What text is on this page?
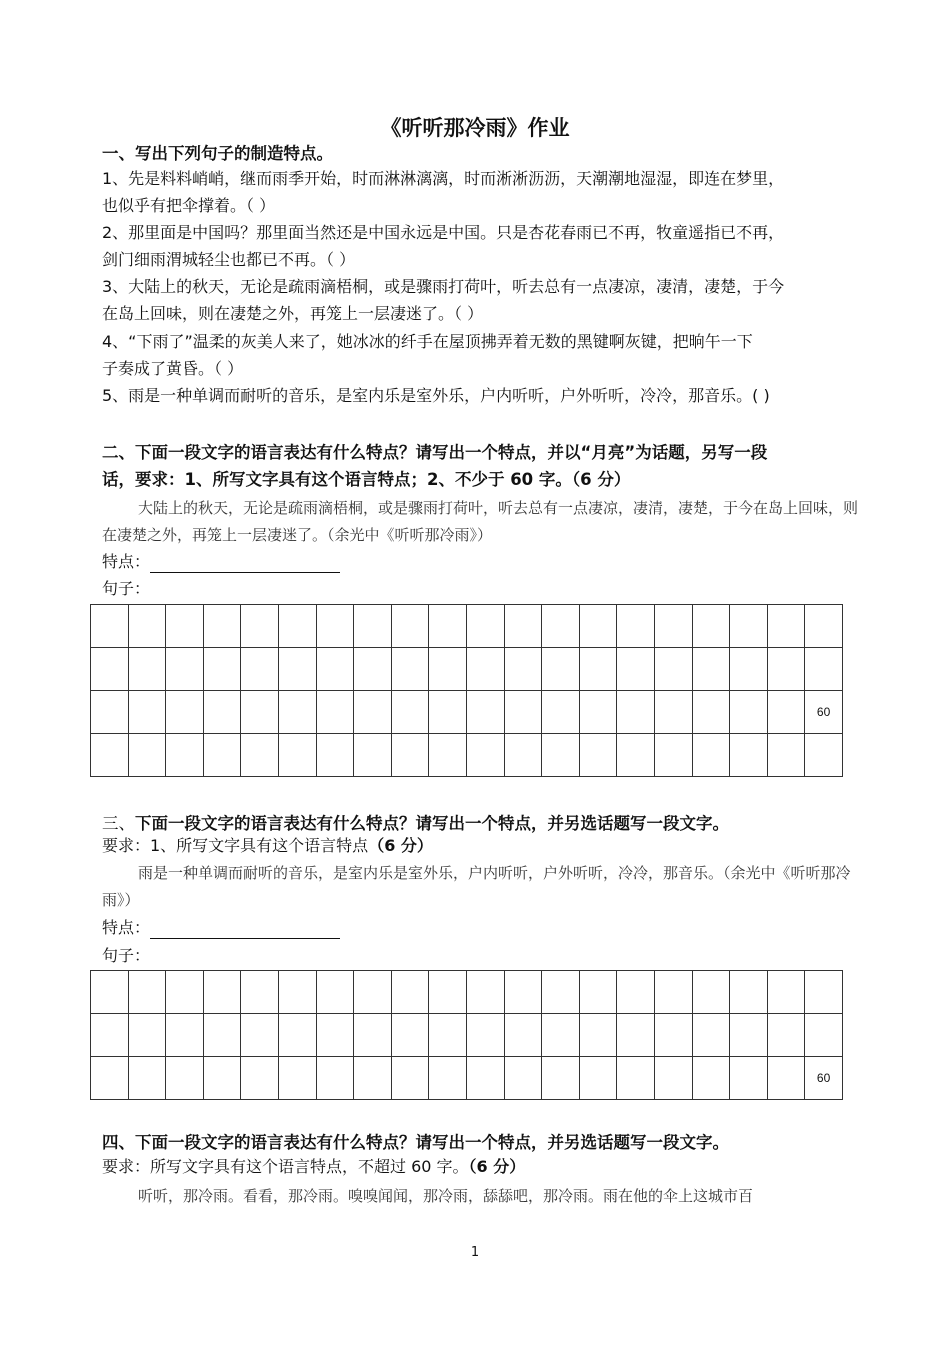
《听听那冷雨》作业
一、写出下列句子的制造特点。
1、先是料料峭峭，继而雨季开始，时而淋淋漓漓，时而淅淅沥沥，天潮潮地湿湿，即连在梦里，
也似乎有把伞撑着。（ ）
2、那里面是中国吗？那里面当然还是中国永远是中国。只是杏花春雨已不再，牧童遥指已不再，
剑门细雨渭城轻尘也都已不再。（ ）
3、大陆上的秋天，无论是疏雨滴梧桐，或是骤雨打荷叶，听去总有一点凄凉，凄清，凄楚，于今
在岛上回味，则在凄楚之外，再笼上一层凄迷了。（ ）
4、“下雨了”温柔的灰美人来了，她冰冰的纤手在屋顶拂弄着无数的黑键啊灰键，把晌午一下
子奏成了黄昏。（ ）
5、雨是一种单调而耐听的音乐，是室内乐是室外乐，户内听听，户外听听，冷冷，那音乐。( )
二、下面一段文字的语言表达有什么特点？请写出一个特点，并以“月亮”为话题，另写一段
话，要求：1、所写文字具有这个语言特点；2、不少于 60 字。（6 分）
大陆上的秋天，无论是疏雨滴梧桐，或是骤雨打荷叶，听去总有一点凄凉，凄清，凄楚，于今在岛上回味，则在凄楚之外，再笼上一层凄迷了。（余光中《听听那冷雨》）
特点：
句子：

																			60

三、下面一段文字的语言表达有什么特点？请写出一个特点，并另选话题写一段文字。
要求：1、所写文字具有这个语言特点（6 分）
雨是一种单调而耐听的音乐，是室内乐是室外乐，户内听听，户外听听，冷冷，那音乐。（余光中《听听那冷雨》）
特点：
句子：

																			60
四、下面一段文字的语言表达有什么特点？请写出一个特点，并另选话题写一段文字。
要求：所写文字具有这个语言特点，不超过 60 字。（6 分）
听听，那冷雨。看看，那冷雨。嗅嗅闻闻，那冷雨，舔舔吧，那冷雨。雨在他的伞上这城市百
1
